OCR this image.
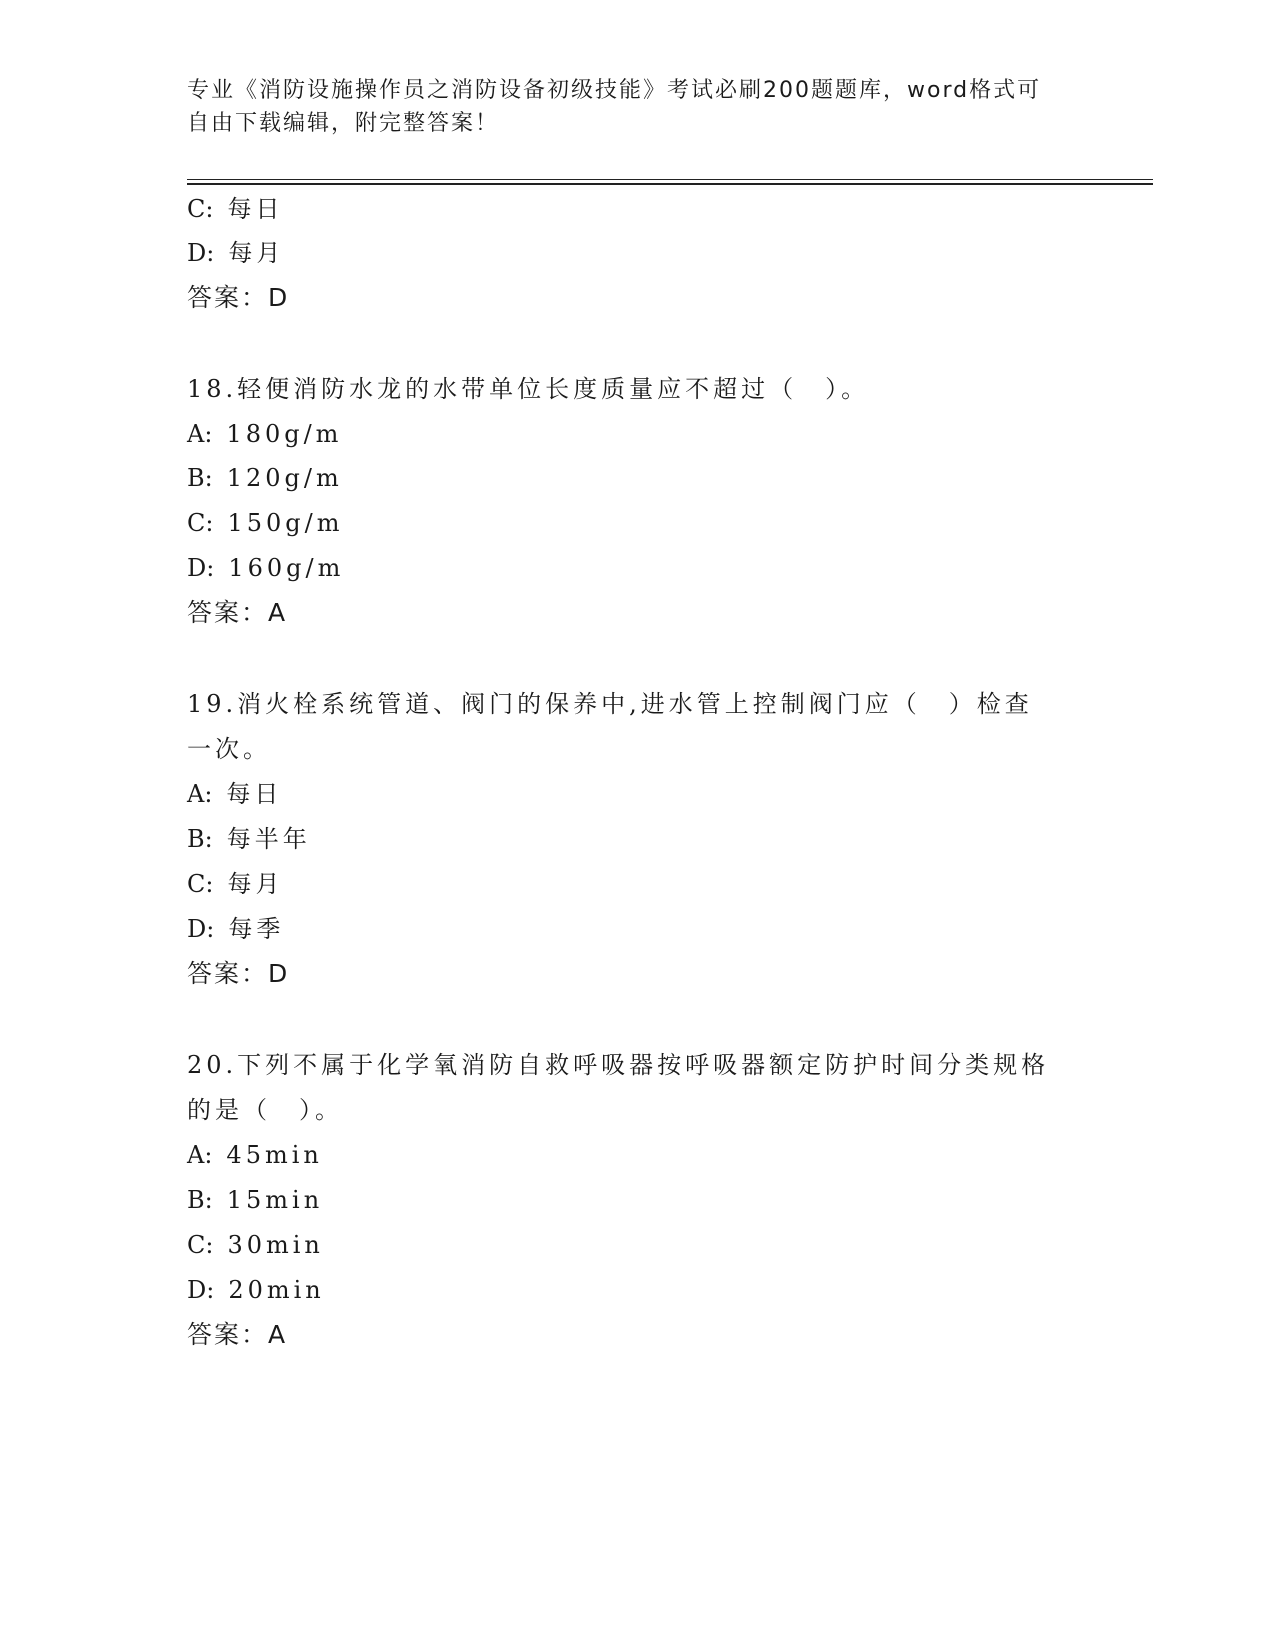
专业《消防设施操作员之消防设备初级技能》考试必刷200题题库，word格式可
自由下载编辑，附完整答案！
C: 每日
D: 每月
答案：D
18.轻便消防水龙的水带单位长度质量应不超过（　）。
A: 180g/m
B: 120g/m
C: 150g/m
D: 160g/m
答案：A
19.消火栓系统管道、阀门的保养中,进水管上控制阀门应（　）检查
一次。
A: 每日
B: 每半年
C: 每月
D: 每季
答案：D
20.下列不属于化学氧消防自救呼吸器按呼吸器额定防护时间分类规格
的是（　）。
A: 45min
B: 15min
C: 30min
D: 20min
答案：A
